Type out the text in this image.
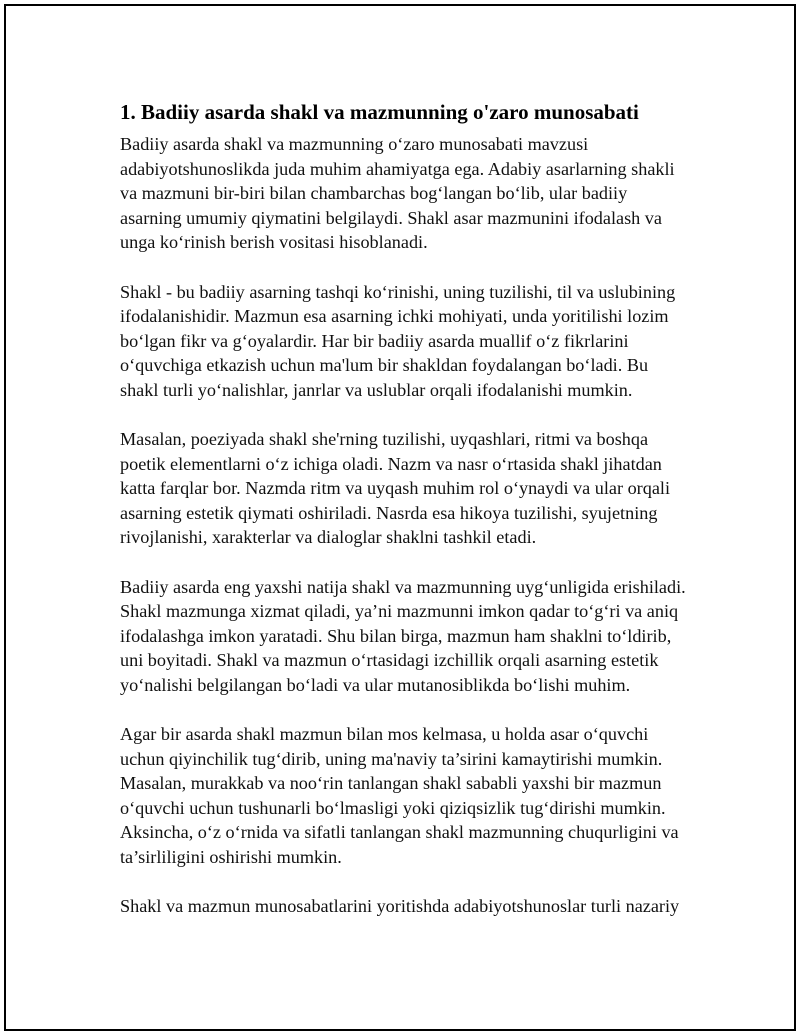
1. Badiiy asarda shakl va mazmunning o'zaro munosabati

Badiiy asarda shakl va mazmunning o‘zaro munosabati mavzusi adabiyotshunoslikda juda muhim ahamiyatga ega. Adabiy asarlarning shakli va mazmuni bir-biri bilan chambarchas bog‘langan bo‘lib, ular badiiy asarning umumiy qiymatini belgilaydi. Shakl asar mazmunini ifodalash va unga ko‘rinish berish vositasi hisoblanadi.

Shakl - bu badiiy asarning tashqi ko‘rinishi, uning tuzilishi, til va uslubining ifodalanishidir. Mazmun esa asarning ichki mohiyati, unda yoritilishi lozim bo‘lgan fikr va g‘oyalardir. Har bir badiiy asarda muallif o‘z fikrlarini o‘quvchiga etkazish uchun ma'lum bir shakldan foydalangan bo‘ladi. Bu shakl turli yo‘nalishlar, janrlar va uslublar orqali ifodalanishi mumkin.

Masalan, poeziyada shakl she'rning tuzilishi, uyqashlari, ritmi va boshqa poetik elementlarni o‘z ichiga oladi. Nazm va nasr o‘rtasida shakl jihatdan katta farqlar bor. Nazmda ritm va uyqash muhim rol o‘ynaydi va ular orqali asarning estetik qiymati oshiriladi. Nasrda esa hikoya tuzilishi, syujetning rivojlanishi, xarakterlar va dialoglar shaklni tashkil etadi.

Badiiy asarda eng yaxshi natija shakl va mazmunning uyg‘unligida erishiladi. Shakl mazmunga xizmat qiladi, ya’ni mazmunni imkon qadar to‘g‘ri va aniq ifodalashga imkon yaratadi. Shu bilan birga, mazmun ham shaklni to‘ldirib, uni boyitadi. Shakl va mazmun o‘rtasidagi izchillik orqali asarning estetik yo‘nalishi belgilangan bo‘ladi va ular mutanosiblikda bo‘lishi muhim.

Agar bir asarda shakl mazmun bilan mos kelmasa, u holda asar o‘quvchi uchun qiyinchilik tug‘dirib, uning ma'naviy ta’sirini kamaytirishi mumkin. Masalan, murakkab va noo‘rin tanlangan shakl sababli yaxshi bir mazmun o‘quvchi uchun tushunarli bo‘lmasligi yoki qiziqsizlik tug‘dirishi mumkin. Aksincha, o‘z o‘rnida va sifatli tanlangan shakl mazmunning chuqurligini va ta’sirliligini oshirishi mumkin.

Shakl va mazmun munosabatlarini yoritishda adabiyotshunoslar turli nazariy
